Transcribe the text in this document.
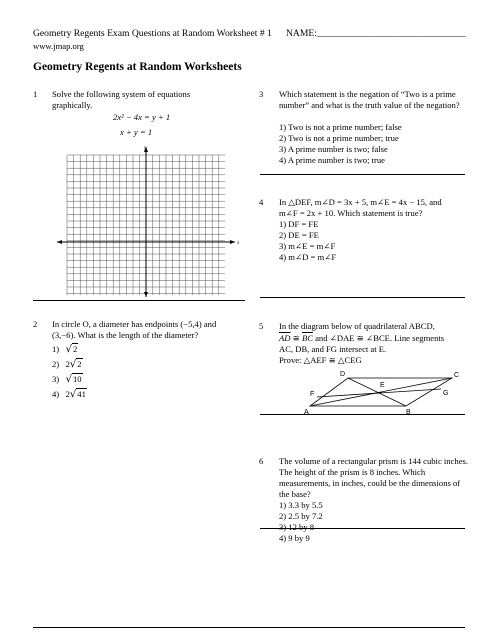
Geometry Regents Exam Questions at Random Worksheet # 1 NAME:_______________________________
www.jmap.org
Geometry Regents at Random Worksheets
1 Solve the following system of equations graphically.
2x² − 4x = y + 1
x + y = 1
y
x
2 In circle O, a diameter has endpoints (−5,4) and (3,−6). What is the length of the diameter?
1) √2
2) 2√2
3) √10
4) 2√41
3 Which statement is the negation of “Two is a prime number” and what is the truth value of the negation?
1) Two is not a prime number; false
2) Two is not a prime number; true
3) A prime number is two; false
4) A prime number is two; true
4 In △DEF, m∠D = 3x + 5, m∠E = 4x − 15, and
m∠F = 2x + 10. Which statement is true?
1) DF = FE
2) DE = FE
3) m∠E = m∠F
4) m∠D = m∠F
5 In the diagram below of quadrilateral ABCD,
$\overline{AD}$ ≅ $\overline{BC}$ and ∠DAE ≅ ∠BCE. Line segments
AC, DB, and FG intersect at E.
Prove: △AEF ≅ △CEG
D	C
E
F	G
A	B
6 The volume of a rectangular prism is 144 cubic inches. The height of the prism is 8 inches. Which measurements, in inches, could be the dimensions of the base?
1) 3.3 by 5.5
2) 2.5 by 7.2
3) 12 by 8
4) 9 by 9
